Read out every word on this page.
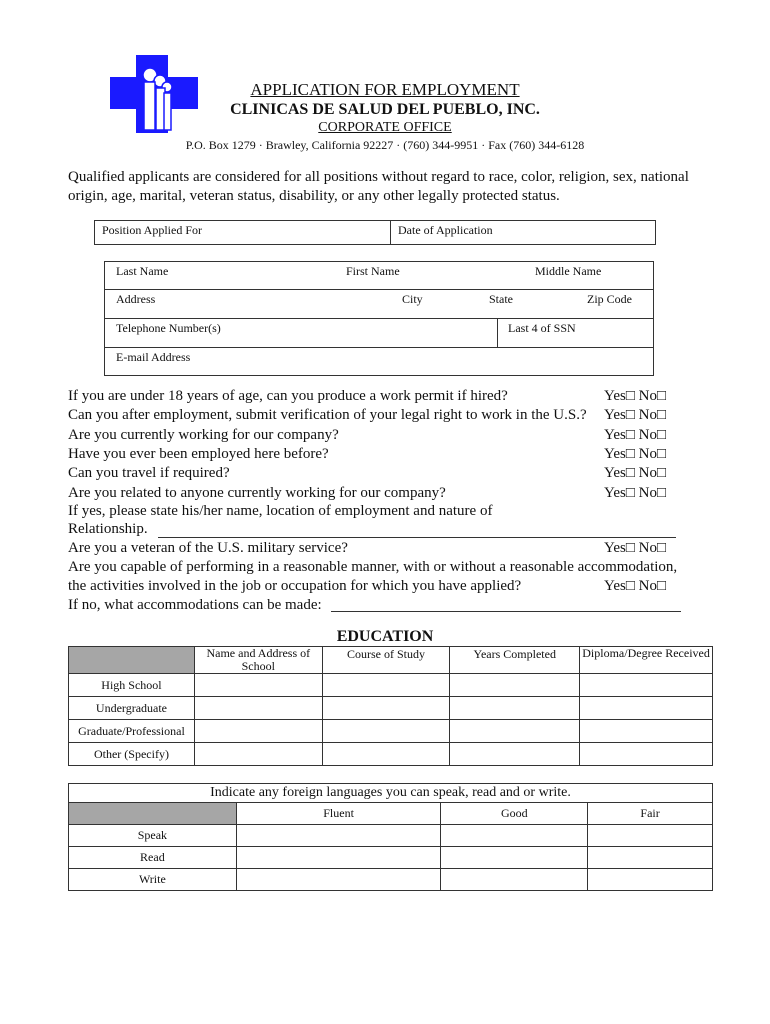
APPLICATION FOR EMPLOYMENT
CLINICAS DE SALUD DEL PUEBLO, INC.
CORPORATE OFFICE
P.O. Box 1279 · Brawley, California 92227 · (760) 344-9951 · Fax (760) 344-6128
Qualified applicants are considered for all positions without regard to race, color, religion, sex, national origin, age, marital, veteran status, disability, or any other legally protected status.
Position Applied For	Date of Application
Last Name	First Name	Middle Name
Address	City	State	Zip Code
Telephone Number(s)	Last 4 of SSN
E-mail Address
If you are under 18 years of age, can you produce a work permit if hired?	Yes□ No□
Can you after employment, submit verification of your legal right to work in the U.S.? Yes□ No□
Are you currently working for our company?	Yes□ No□
Have you ever been employed here before?	Yes□ No□
Can you travel if required?	Yes□ No□
Are you related to anyone currently working for our company?	Yes□ No□
If yes, please state his/her name, location of employment and nature of
Relationship.
Are you a veteran of the U.S. military service?	Yes□ No□
Are you capable of performing in a reasonable manner, with or without a reasonable accommodation,
the activities involved in the job or occupation for which you have applied?	Yes□ No□
If no, what accommodations can be made:
EDUCATION
	Name and Address of School	Course of Study	Years Completed	Diploma/Degree Received
High School				
Undergraduate				
Graduate/Professional				
Other (Specify)				
Indicate any foreign languages you can speak, read and or write.			
	Fluent	Good	Fair
Speak			
Read			
Write			
